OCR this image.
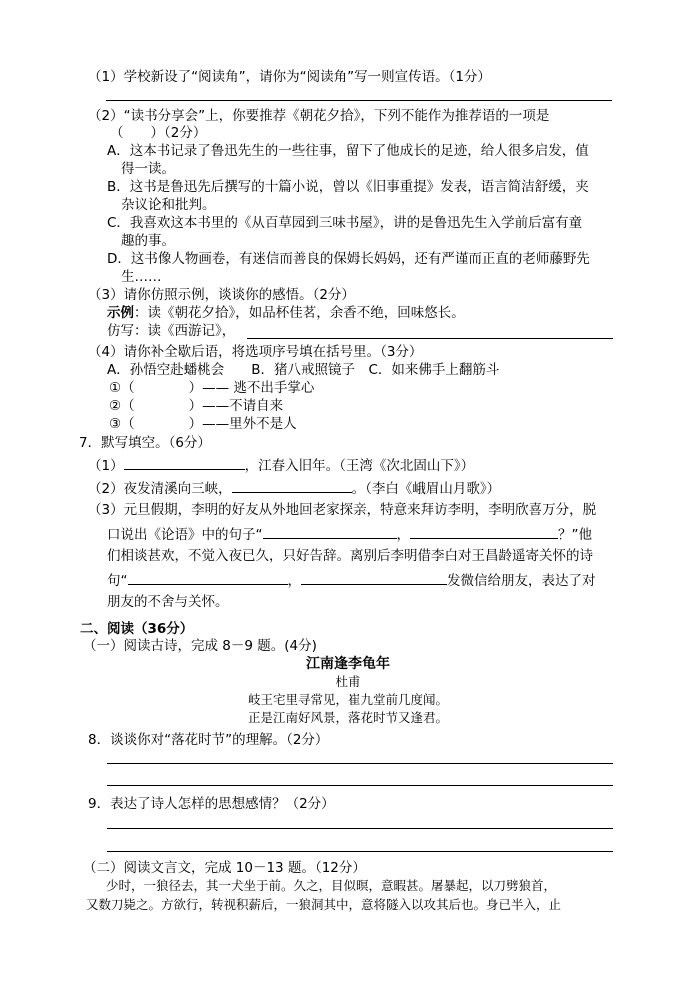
（1）学校新设了“阅读角”，请你为“阅读角”写一则宣传语。（1分）
（2）“读书分享会”上，你要推荐《朝花夕拾》，下列不能作为推荐语的一项是
（　　）（2分）
A．这本书记录了鲁迅先生的一些往事，留下了他成长的足迹，给人很多启发，值
得一读。
B．这书是鲁迅先后撰写的十篇小说，曾以《旧事重提》发表，语言简洁舒缓，夹
杂议论和批判。
C．我喜欢这本书里的《从百草园到三味书屋》，讲的是鲁迅先生入学前后富有童
趣的事。
D．这书像人物画卷，有迷信而善良的保姆长妈妈，还有严谨而正直的老师藤野先
生……
（3）请你仿照示例，谈谈你的感悟。（2分）
示例：读《朝花夕拾》，如品杯佳茗，余香不绝，回味悠长。
仿写：读《西游记》，
（4）请你补全歇后语，将选项序号填在括号里。（3分）
A．孙悟空赴蟠桃会　　B．猪八戒照镜子　C．如来佛手上翻筋斗
①（　　　　）—— 逃不出手掌心
②（　　　　）——不请自来
③（　　　　）——里外不是人
7．默写填空。（6分）
（1）	，江春入旧年。（王湾《次北固山下》）
（2）夜发清溪向三峡，	。（李白《峨眉山月歌》）
（3）元旦假期，李明的好友从外地回老家探亲，特意来拜访李明，李明欣喜万分，脱
口说出《论语》中的句子“	，	？”他
们相谈甚欢，不觉入夜已久，只好告辞。离别后李明借李白对王昌龄遥寄关怀的诗
句“	，	发微信给朋友，表达了对
朋友的不舍与关怀。
二、阅读（36分）
（一）阅读古诗，完成 8－9 题。(4分)
江南逢李龟年
杜甫
岐王宅里寻常见，崔九堂前几度闻。
正是江南好风景，落花时节又逢君。
8．谈谈你对“落花时节”的理解。（2分）
9．表达了诗人怎样的思想感情？（2分）
（二）阅读文言文，完成 10－13 题。（12分）
少时，一狼径去，其一犬坐于前。久之，目似暝，意暇甚。屠暴起，以刀劈狼首，
又数刀毙之。方欲行，转视积薪后，一狼洞其中，意将隧入以攻其后也。身已半入，止
